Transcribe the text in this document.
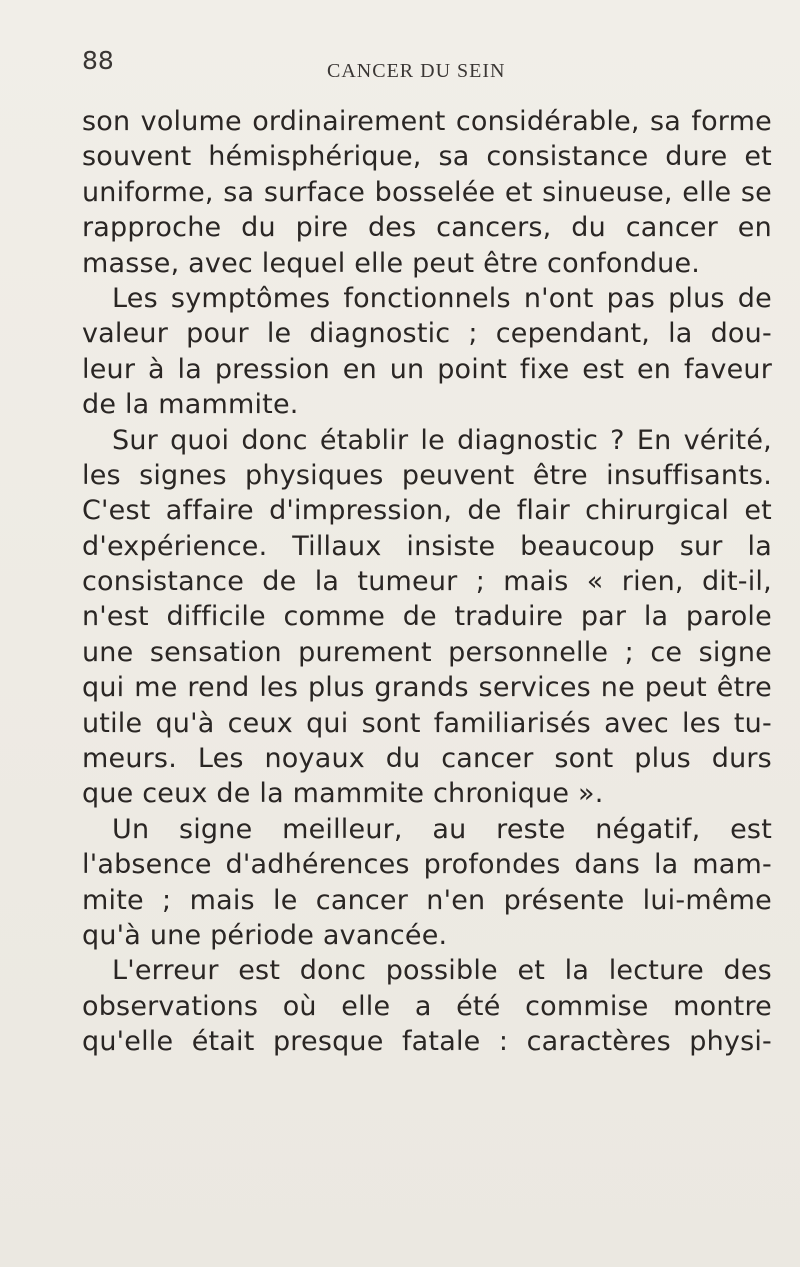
88	CANCER DU SEIN
son volume ordinairement considérable, sa forme
souvent hémisphérique, sa consistance dure et
uniforme, sa surface bosselée et sinueuse, elle se
rapproche du pire des cancers, du cancer en
masse,
avec
lequel
elle
peut
être
confondue.
Les symptômes fonctionnels n'ont pas plus de
valeur pour le diagnostic ; cependant, la dou-
leur à la pression en un point fixe est en faveur
de
la
mammite.
Sur quoi donc établir le diagnostic ? En vérité,
les signes physiques peuvent être insuffisants.
C'est affaire d'impression, de flair chirurgical et
d'expérience. Tillaux insiste beaucoup sur la
consistance de la tumeur ; mais « rien, dit-il,
n'est difficile comme de traduire par la parole
une sensation purement personnelle ; ce signe
qui me rend les plus grands services ne peut être
utile qu'à ceux qui sont familiarisés avec les tu-
meurs. Les noyaux du cancer sont plus durs
que
ceux
de
la
mammite
chronique
».
Un signe meilleur, au reste négatif, est
l'absence d'adhérences profondes dans la mam-
mite ; mais le cancer n'en présente lui-même
qu'à
une
période
avancée.
L'erreur est donc possible et la lecture des
observations où elle a été commise montre
qu'elle était presque fatale : caractères physi-
